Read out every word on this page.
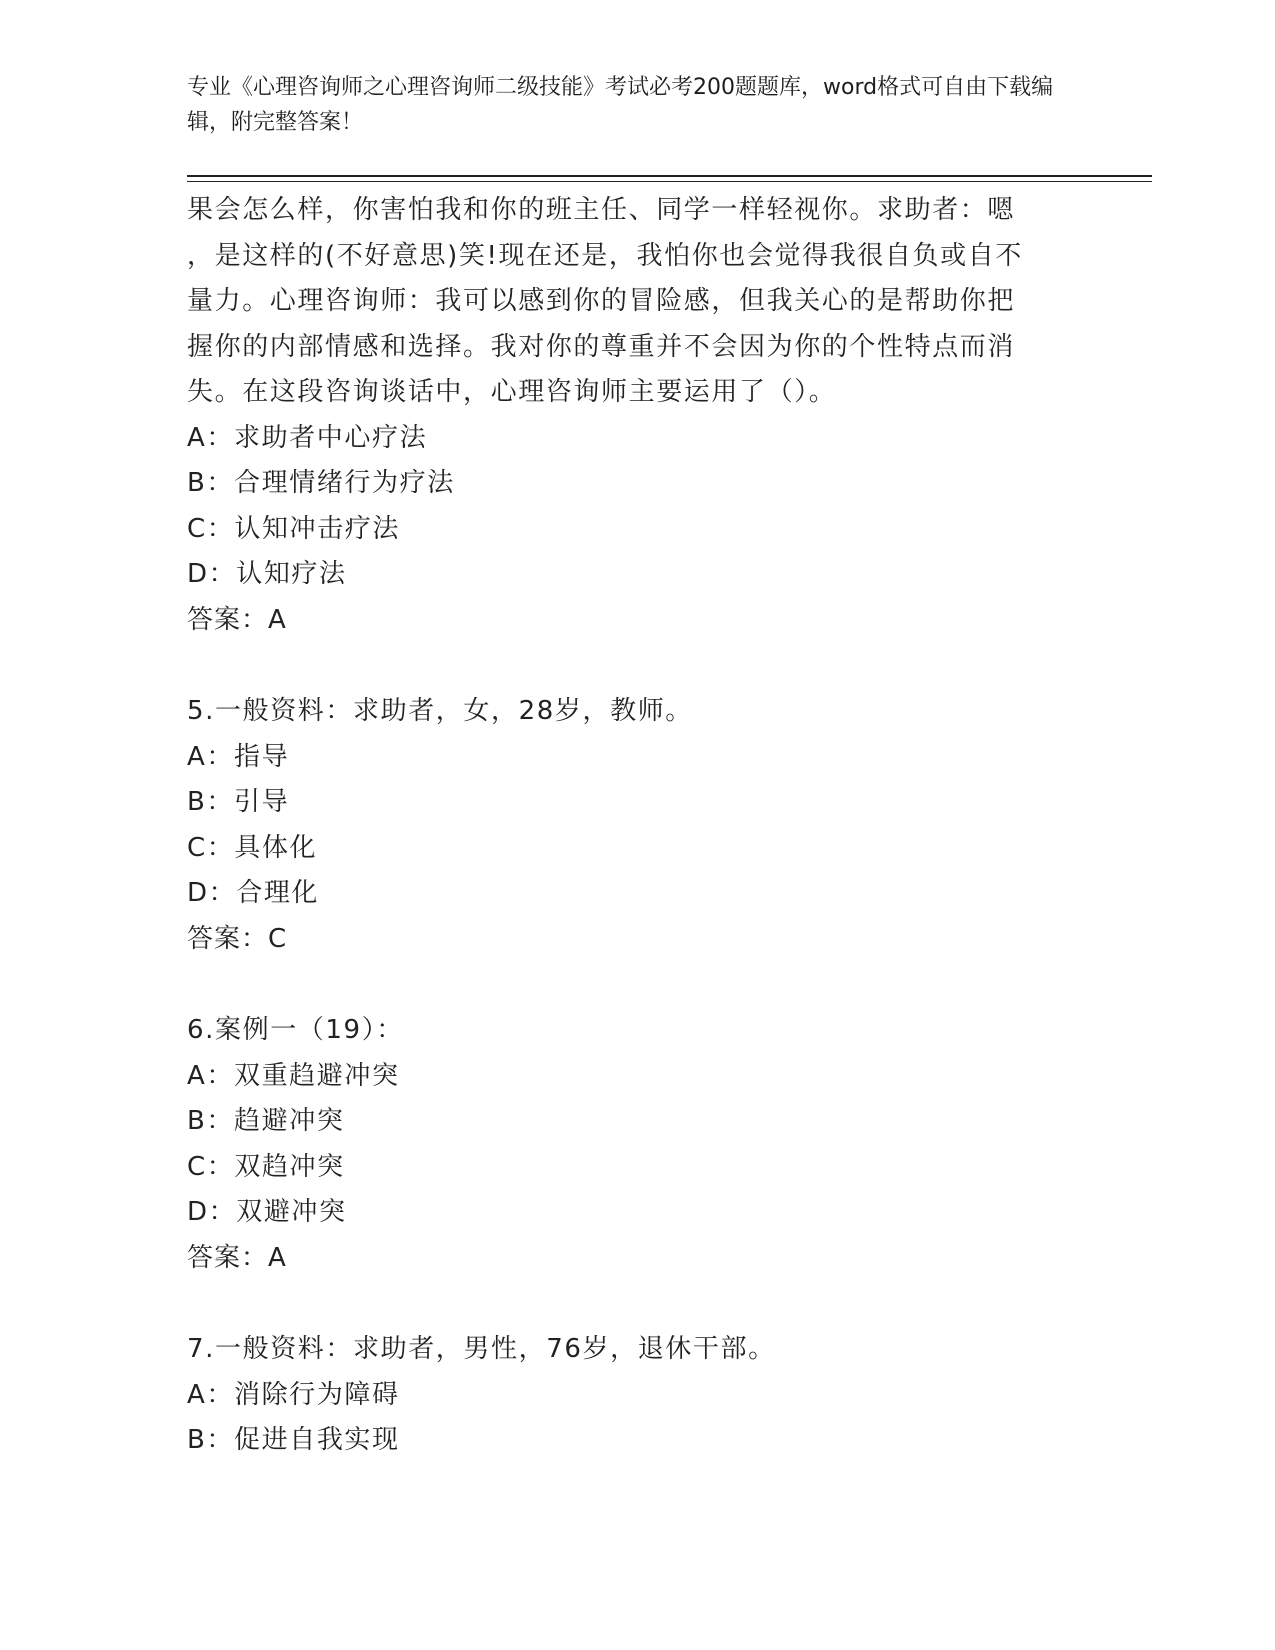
专业《心理咨询师之心理咨询师二级技能》考试必考200题题库，word格式可自由下载编辑，附完整答案！
果会怎么样，你害怕我和你的班主任、同学一样轻视你。求助者：嗯
，是这样的(不好意思)笑!现在还是，我怕你也会觉得我很自负或自不
量力。心理咨询师：我可以感到你的冒险感，但我关心的是帮助你把
握你的内部情感和选择。我对你的尊重并不会因为你的个性特点而消
失。在这段咨询谈话中，心理咨询师主要运用了（）。
A：求助者中心疗法
B：合理情绪行为疗法
C：认知冲击疗法
D：认知疗法
答案：A
5.一般资料：求助者，女，28岁，教师。
A：指导
B：引导
C：具体化
D：合理化
答案：C
6.案例一（19）：
A：双重趋避冲突
B：趋避冲突
C：双趋冲突
D：双避冲突
答案：A
7.一般资料：求助者，男性，76岁，退休干部。
A：消除行为障碍
B：促进自我实现
